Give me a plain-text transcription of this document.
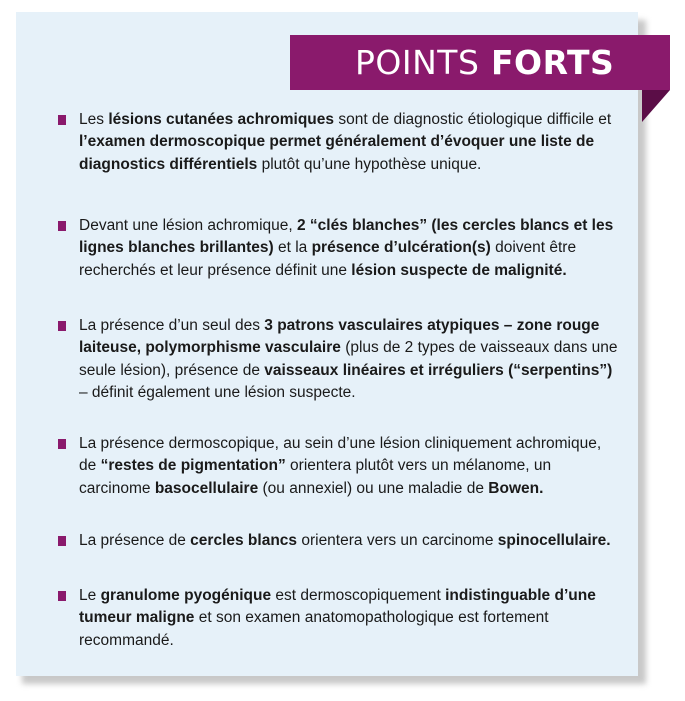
POINTS FORTS
Les lésions cutanées achromiques sont de diagnostic étiologique difficile et l’examen dermoscopique permet généralement d’évoquer une liste de diagnostics différentiels plutôt qu’une hypothèse unique.
Devant une lésion achromique, 2 “clés blanches” (les cercles blancs et les lignes blanches brillantes) et la présence d’ulcération(s) doivent être recherchés et leur présence définit une lésion suspecte de malignité.
La présence d’un seul des 3 patrons vasculaires atypiques – zone rouge laiteuse, polymorphisme vasculaire (plus de 2 types de vaisseaux dans une seule lésion), présence de vaisseaux linéaires et irréguliers (“serpentins”) – définit également une lésion suspecte.
La présence dermoscopique, au sein d’une lésion cliniquement achromique, de “restes de pigmentation” orientera plutôt vers un mélanome, un carcinome basocellulaire (ou annexiel) ou une maladie de Bowen.
La présence de cercles blancs orientera vers un carcinome spinocellulaire.
Le granulome pyogénique est dermoscopiquement indistinguable d’une tumeur maligne et son examen anatomopathologique est fortement recommandé.
